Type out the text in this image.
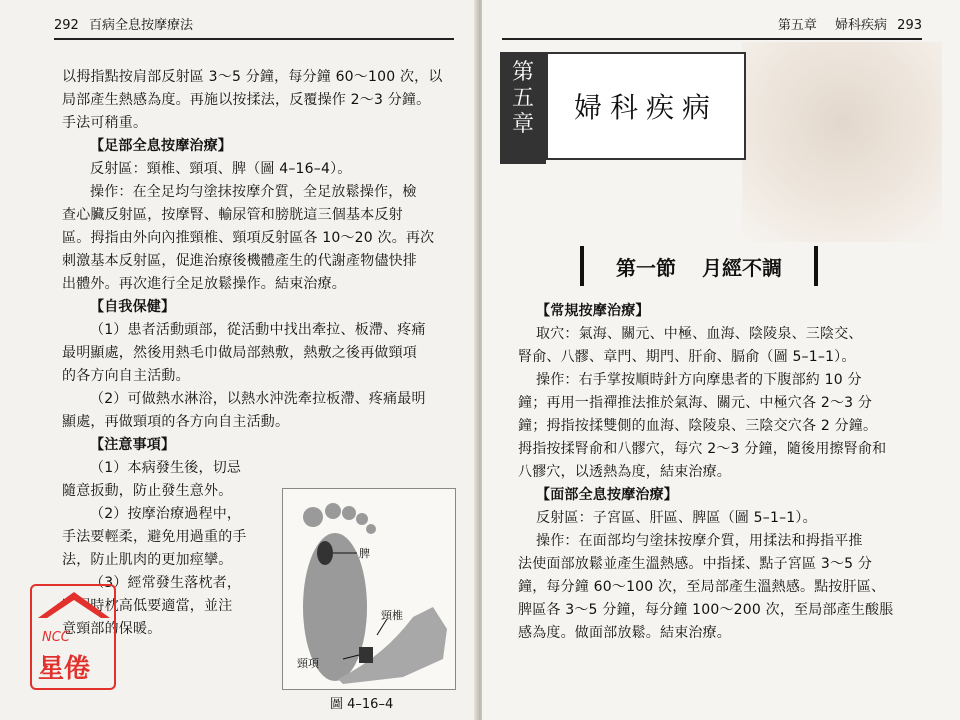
292 百病全息按摩療法
以拇指點按肩部反射區 3～5 分鐘，每分鐘 60～100 次，以
局部產生熱感為度。再施以按揉法，反覆操作 2～3 分鐘。
手法可稍重。
【足部全息按摩治療】
反射區：頸椎、頸項、脾（圖 4–16–4）。
操作：在全足均勻塗抹按摩介質，全足放鬆操作，檢
查心臟反射區，按摩腎、輸尿管和膀胱這三個基本反射
區。拇指由外向內推頸椎、頸項反射區各 10～20 次。再次
刺激基本反射區，促進治療後機體產生的代謝產物儘快排
出體外。再次進行全足放鬆操作。結束治療。
【自我保健】
（1）患者活動頭部，從活動中找出牽拉、板滯、疼痛
最明顯處，然後用熱毛巾做局部熱敷，熱敷之後再做頸項
的各方向自主活動。
（2）可做熱水淋浴，以熱水沖洗牽拉板滯、疼痛最明
顯處，再做頸項的各方向自主活動。
【注意事項】
（1）本病發生後，切忌
隨意扳動，防止發生意外。
（2）按摩治療過程中，
手法要輕柔，避免用過重的手
法，防止肌肉的更加痙攣。
（3）經常發生落枕者，
睡眠時枕高低要適當，並注
意頸部的保暖。
脾
頸椎
頸項
圖 4–16–4
NCC
星倦
第五章 婦科疾病 293
第
五
章
婦科疾病
第一節 月經不調
【常規按摩治療】
取穴：氣海、關元、中極、血海、陰陵泉、三陰交、
腎俞、八髎、章門、期門、肝俞、膈俞（圖 5–1–1）。
操作：右手掌按順時針方向摩患者的下腹部約 10 分
鐘；再用一指禪推法推於氣海、關元、中極穴各 2～3 分
鐘；拇指按揉雙側的血海、陰陵泉、三陰交穴各 2 分鐘。
拇指按揉腎俞和八髎穴，每穴 2～3 分鐘，隨後用擦腎俞和
八髎穴，以透熱為度，結束治療。
【面部全息按摩治療】
反射區：子宮區、肝區、脾區（圖 5–1–1）。
操作：在面部均勻塗抹按摩介質，用揉法和拇指平推
法使面部放鬆並產生溫熱感。中指揉、點子宮區 3～5 分
鐘，每分鐘 60～100 次，至局部產生溫熱感。點按肝區、
脾區各 3～5 分鐘，每分鐘 100～200 次，至局部產生酸脹
感為度。做面部放鬆。結束治療。
